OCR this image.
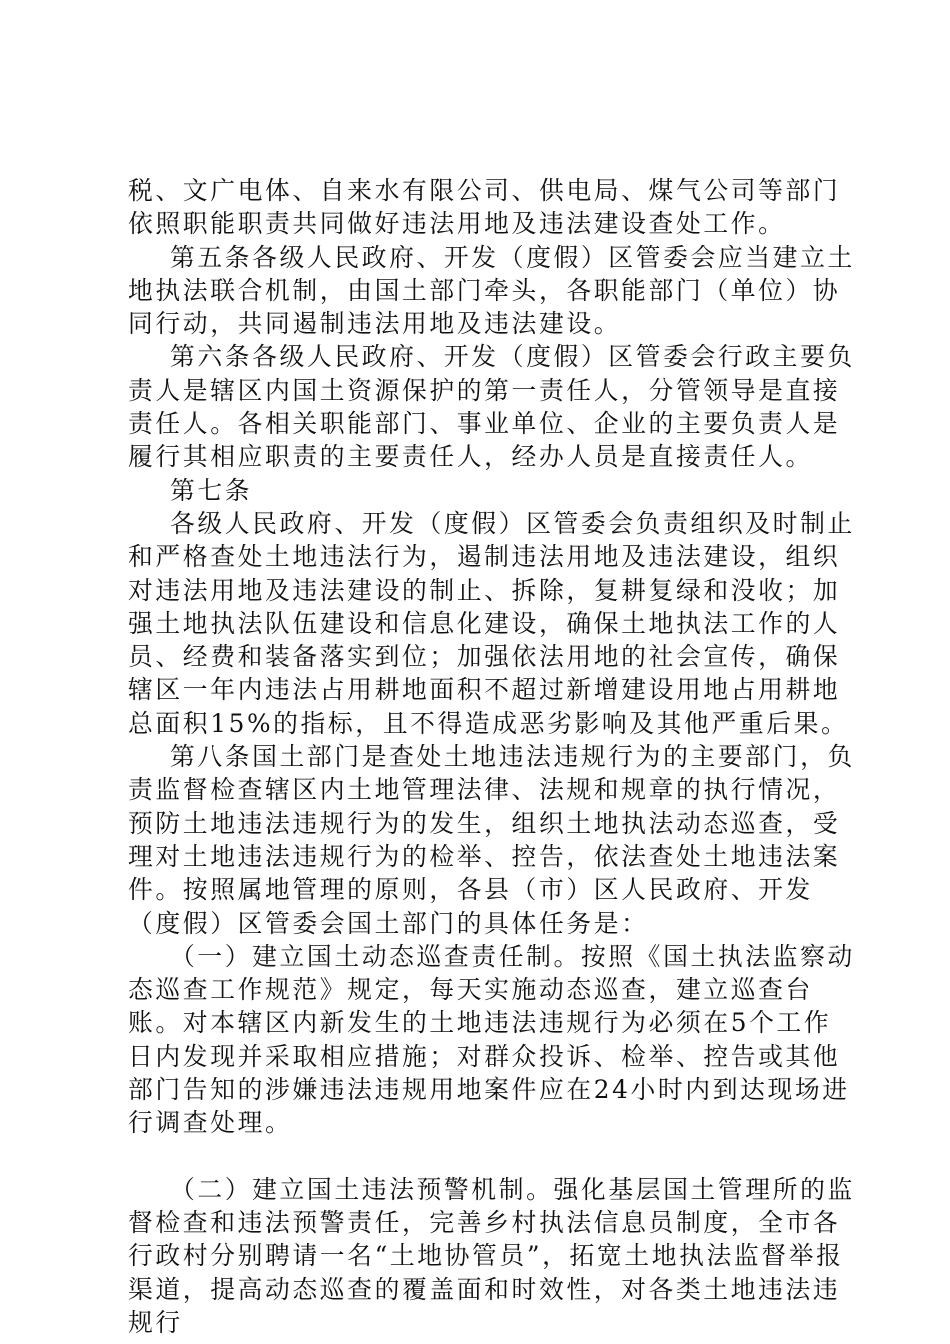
税、文广电体、自来水有限公司、供电局、煤气公司等部门依照职能职责共同做好违法用地及违法建设查处工作。

第五条各级人民政府、开发（度假）区管委会应当建立土地执法联合机制，由国土部门牵头，各职能部门（单位）协同行动，共同遏制违法用地及违法建设。

第六条各级人民政府、开发（度假）区管委会行政主要负责人是辖区内国土资源保护的第一责任人，分管领导是直接责任人。各相关职能部门、事业单位、企业的主要负责人是履行其相应职责的主要责任人，经办人员是直接责任人。

第七条

各级人民政府、开发（度假）区管委会负责组织及时制止和严格查处土地违法行为，遏制违法用地及违法建设，组织对违法用地及违法建设的制止、拆除，复耕复绿和没收；加强土地执法队伍建设和信息化建设，确保土地执法工作的人员、经费和装备落实到位；加强依法用地的社会宣传，确保辖区一年内违法占用耕地面积不超过新增建设用地占用耕地总面积15%的指标，且不得造成恶劣影响及其他严重后果。

第八条国土部门是查处土地违法违规行为的主要部门，负责监督检查辖区内土地管理法律、法规和规章的执行情况，预防土地违法违规行为的发生，组织土地执法动态巡查，受理对土地违法违规行为的检举、控告，依法查处土地违法案件。按照属地管理的原则，各县（市）区人民政府、开发（度假）区管委会国土部门的具体任务是：

（一）建立国土动态巡查责任制。按照《国土执法监察动态巡查工作规范》规定，每天实施动态巡查，建立巡查台账。对本辖区内新发生的土地违法违规行为必须在5个工作日内发现并采取相应措施；对群众投诉、检举、控告或其他部门告知的涉嫌违法违规用地案件应在24小时内到达现场进行调查处理。

（二）建立国土违法预警机制。强化基层国土管理所的监督检查和违法预警责任，完善乡村执法信息员制度，全市各行政村分别聘请一名“土地协管员”，拓宽土地执法监督举报渠道，提高动态巡查的覆盖面和时效性，对各类土地违法违规行
